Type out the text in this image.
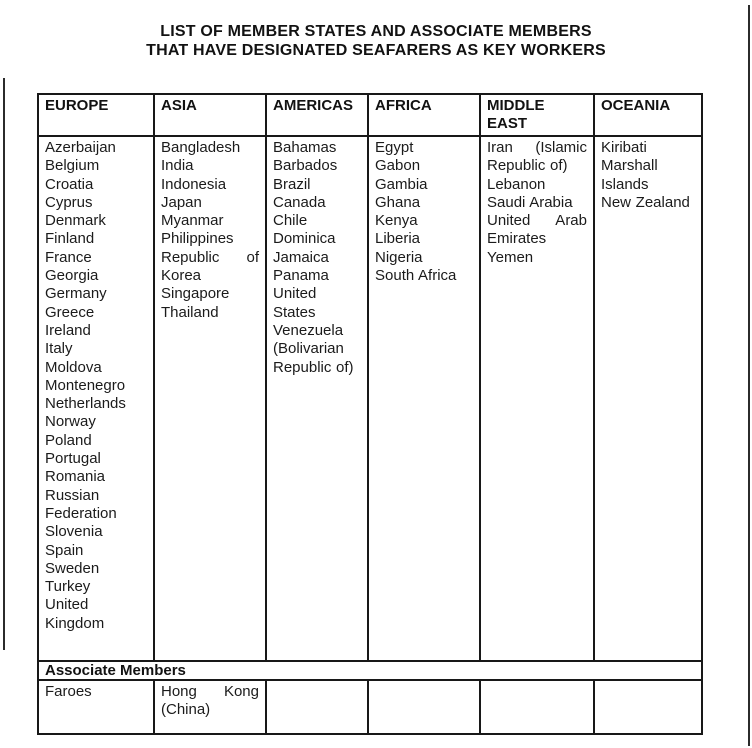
LIST OF MEMBER STATES AND ASSOCIATE MEMBERS
THAT HAVE DESIGNATED SEAFARERS AS KEY WORKERS
EUROPE	ASIA	AMERICAS	AFRICA	MIDDLE EAST	OCEANIA

Azerbaijan
Belgium
Croatia
Cyprus
Denmark
Finland
France
Georgia
Germany
Greece
Ireland
Italy
Moldova
Montenegro
Netherlands
Norway
Poland
Portugal
Romania
Russian Federation
Slovenia
Spain
Sweden
Turkey
United Kingdom

Bangladesh
India
Indonesia
Japan
Myanmar
Philippines
Republic of Korea
Singapore
Thailand

Bahamas
Barbados
Brazil
Canada
Chile
Dominica
Jamaica
Panama
United States
Venezuela (Bolivarian Republic of)

Egypt
Gabon
Gambia
Ghana
Kenya
Liberia
Nigeria
South Africa

Iran (Islamic Republic of)
Lebanon
Saudi Arabia
United Arab Emirates
Yemen

Kiribati
Marshall Islands
New Zealand

Associate Members					

Faroes	Hong Kong (China)				
